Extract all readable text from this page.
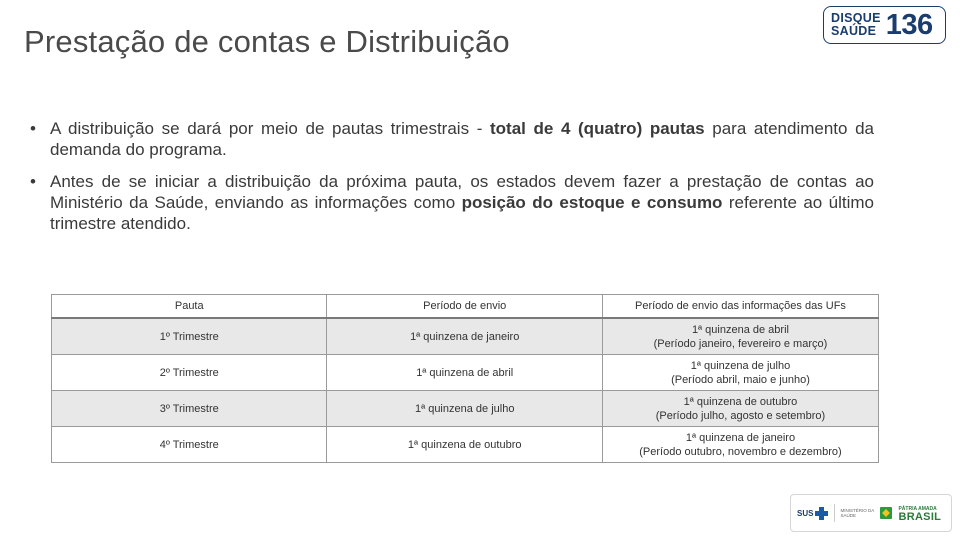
Prestação de contas e Distribuição
DISQUE
SAÚDE 136
• A distribuição se dará por meio de pautas trimestrais - total de 4 (quatro) pautas para atendimento da demanda do programa.
• Antes de se iniciar a distribuição da próxima pauta, os estados devem fazer a prestação de contas ao Ministério da Saúde, enviando as informações como posição do estoque e consumo referente ao último trimestre atendido.
Pauta	Período de envio	Período de envio das informações das UFs
1º Trimestre	1ª quinzena de janeiro	1ª quinzena de abril
(Período janeiro, fevereiro e março)

2º Trimestre	1ª quinzena de abril	1ª quinzena de julho
(Período abril, maio e junho)

3º Trimestre	1ª quinzena de julho	1ª quinzena de outubro
(Período julho, agosto e setembro)

4º Trimestre	1ª quinzena de outubro	1ª quinzena de janeiro
(Período outubro, novembro e dezembro)
SUS	MINISTÉRIO DA SAÚDE
PÁTRIA AMADA
BRASIL
